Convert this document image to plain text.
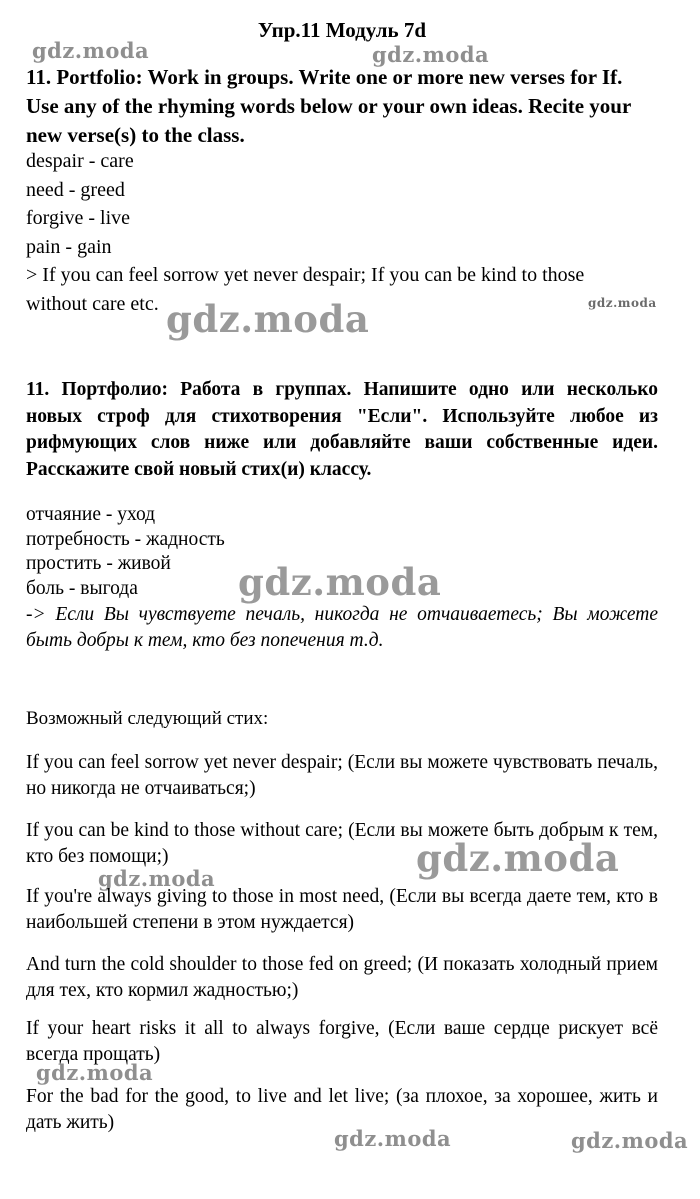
Упр.11 Модуль 7d
gdz.moda	gdz.moda
11. Portfolio: Work in groups. Write one or more new verses for If. Use any of the rhyming words below or your own ideas. Recite your new verse(s) to the class.
despair - care
need - greed
forgive - live
pain - gain
> If you can feel sorrow yet never despair; If you can be kind to those
without care etc. gdz.moda	gdz.moda
11. Портфолио: Работа в группах. Напишите одно или несколько новых строф для стихотворения "Если". Используйте любое из рифмующих слов ниже или добавляйте ваши собственные идеи. Расскажите свой новый стих(и) классу.
отчаяние - уход
потребность - жадность
простить - живой
боль - выгода	gdz.moda
-> Если Вы чувствуете печаль, никогда не отчаиваетесь; Вы можете быть добры к тем, кто без попечения т.д.
Возможный следующий стих:
If you can feel sorrow yet never despair; (Если вы можете чувствовать печаль, но никогда не отчаиваться;)
If you can be kind to those without care; (Если вы можете быть добрым к тем, кто без помощи;)	gdz.moda
gdz.moda
If you're always giving to those in most need, (Если вы всегда даете тем, кто в наибольшей степени в этом нуждается)
And turn the cold shoulder to those fed on greed; (И показать холодный прием для тех, кто кормил жадностью;)
If your heart risks it all to always forgive, (Если ваше сердце рискует всё всегда прощать)
gdz.moda
For the bad for the good, to live and let live; (за плохое, за хорошее, жить и дать жить)
gdz.moda	gdz.moda
